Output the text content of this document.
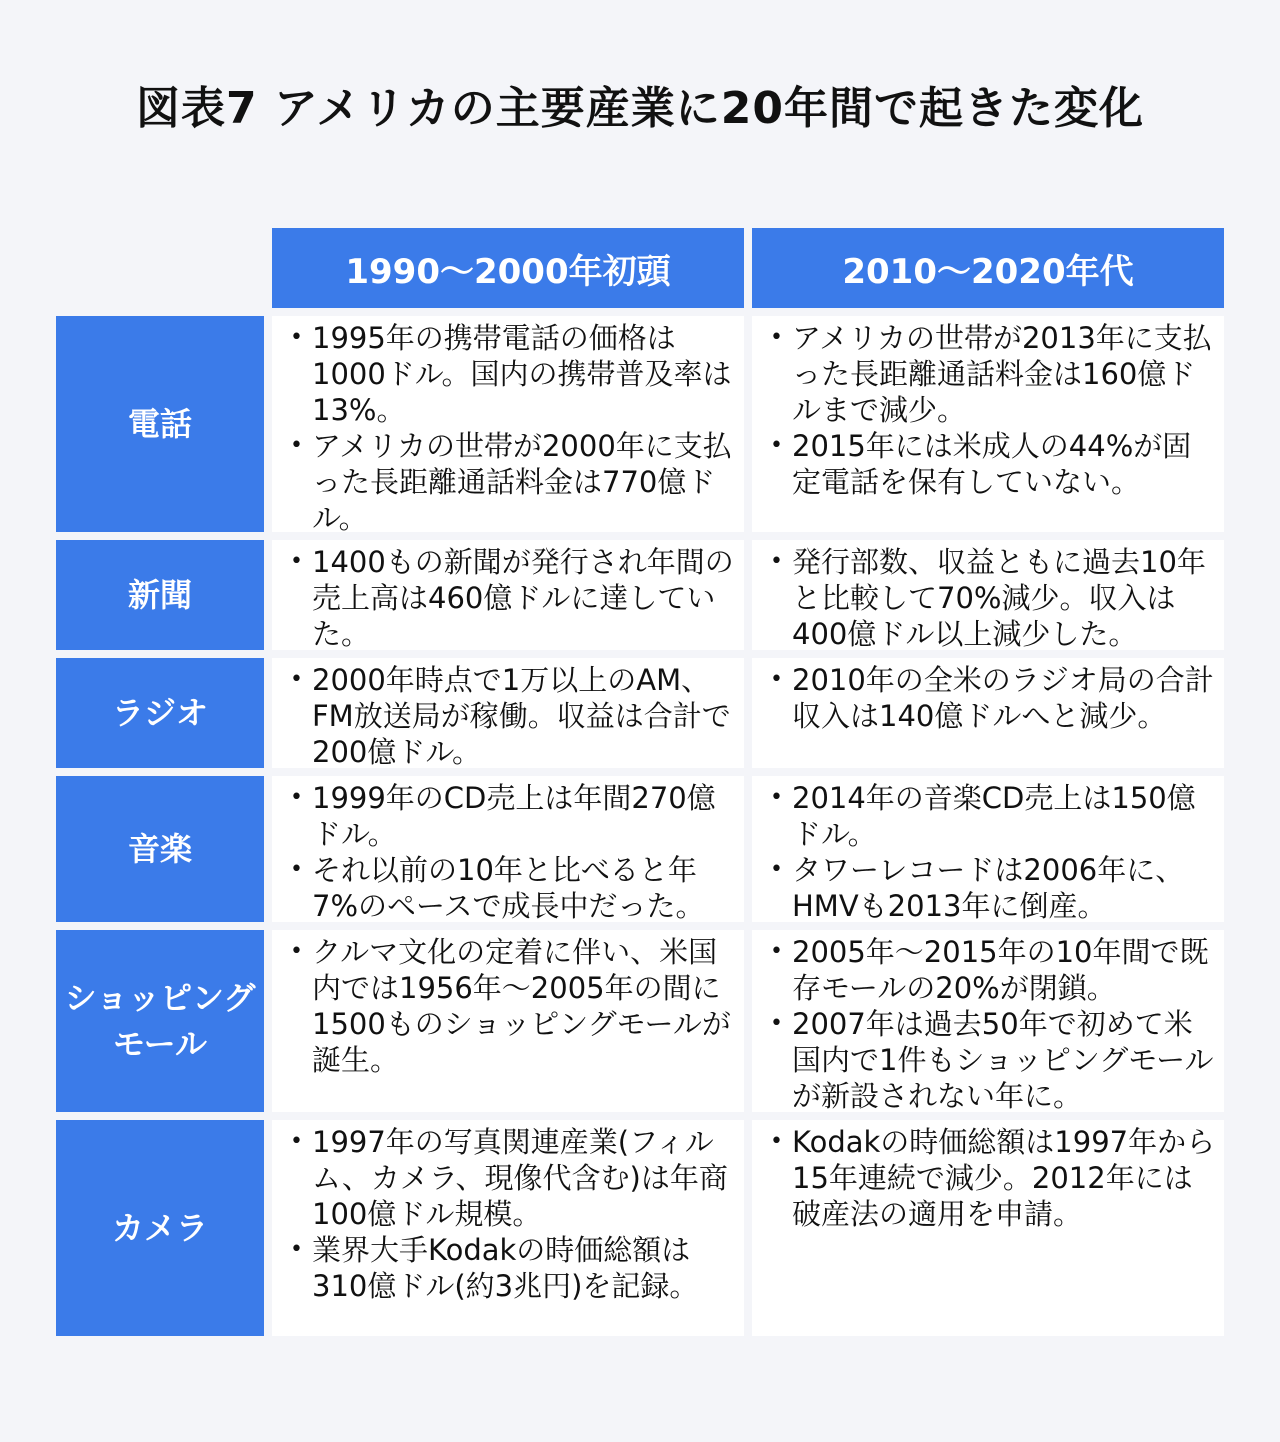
図表7 アメリカの主要産業に20年間で起きた変化
1990〜2000年初頭	2010〜2020年代
電話
• 1995年の携帯電話の価格は1000ドル。国内の携帯普及率は13%。
• アメリカの世帯が2000年に支払った長距離通話料金は770億ドル。
• アメリカの世帯が2013年に支払った長距離通話料金は160億ドルまで減少。
• 2015年には米成人の44%が固定電話を保有していない。
新聞
• 1400もの新聞が発行され年間の売上高は460億ドルに達していた。
• 発行部数、収益ともに過去10年と比較して70%減少。収入は400億ドル以上減少した。
ラジオ
• 2000年時点で1万以上のAM、FM放送局が稼働。収益は合計で200億ドル。
• 2010年の全米のラジオ局の合計収入は140億ドルへと減少。
音楽
• 1999年のCD売上は年間270億ドル。
• それ以前の10年と比べると年7%のペースで成長中だった。
• 2014年の音楽CD売上は150億ドル。
• タワーレコードは2006年に、HMVも2013年に倒産。
ショッピング
モール
• クルマ文化の定着に伴い、米国内では1956年〜2005年の間に1500ものショッピングモールが誕生。
• 2005年〜2015年の10年間で既存モールの20%が閉鎖。
• 2007年は過去50年で初めて米国内で1件もショッピングモールが新設されない年に。
カメラ
• 1997年の写真関連産業(フィルム、カメラ、現像代含む)は年商100億ドル規模。
• 業界大手Kodakの時価総額は310億ドル(約3兆円)を記録。
• Kodakの時価総額は1997年から15年連続で減少。2012年には破産法の適用を申請。
